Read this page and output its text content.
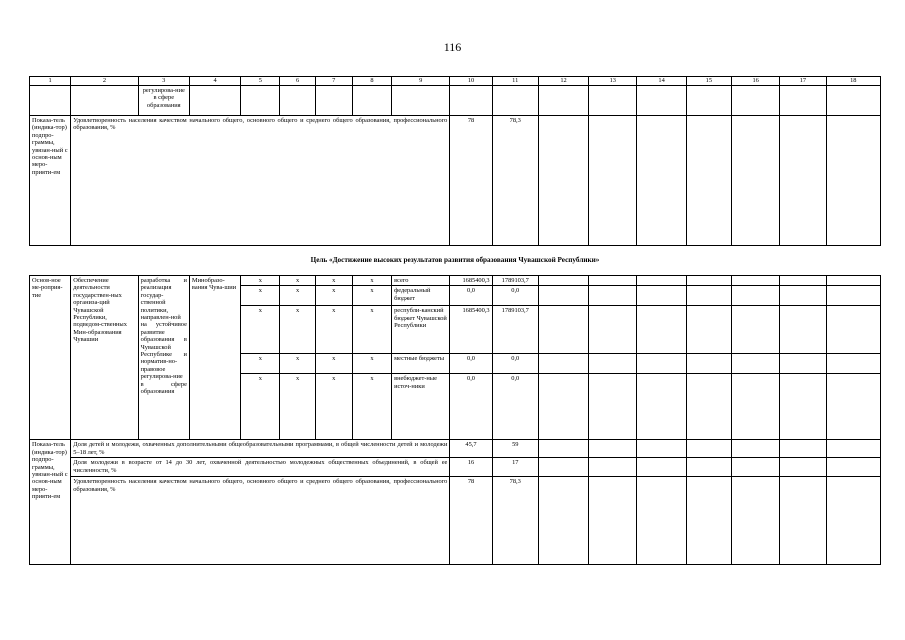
116
1	2	3	4	5	6	7	8	9	10	11	12	13	14	15	16	17	18
		регулирова-ние в сфере образования															
Показа-тель (индика-тор) подпро-граммы, увязан-ный с основ-ным меро-прияти-ем	Удовлетворенность населения качеством начального общего, основного общего и среднего общего образования, профессионального образования, %								78	78,3							
Цель «Достижение высоких результатов развития образования Чувашской Республики»
Основ-ное ме-роприя-тие	Обеспечение деятельности государствен-ных организа-ций Чувашской Республики, подведом-ственных Мин-образования Чувашии	разработка и реализация государ-ственной политики, направлен-ной на устойчивое развитие образования в Чувашской Республике и норматив-но-правовое регулирова-ние в сфере образования	Минобразо-вания Чува-шии	x	x	x	x	всего	1685400,3	1789103,7							
				x	x	x	x	федеральный бюджет	0,0	0,0							
				x	x	x	x	республи-канский бюджет Чувашской Республики	1685400,3	1789103,7							
				x	x	x	x	местные бюджеты	0,0	0,0							
				x	x	x	x	внебюджет-ные источ-ники	0,0	0,0							
Показа-тель (индика-тор) подпро-граммы, увязан-ный с основ-ным меро-прияти-ем	Доля детей и молодежи, охваченных дополнительными общеобразовательными программами, в общей численности детей и молодежи 5–18 лет, %								45,7	59							
	Доля молодежи в возрасте от 14 до 30 лет, охваченной деятельностью молодежных общественных объединений, в общей ее численности, %								16	17							
	Удовлетворенность населения качеством начального общего, основного общего и среднего общего образования, профессионального образования, %								78	78,3							
